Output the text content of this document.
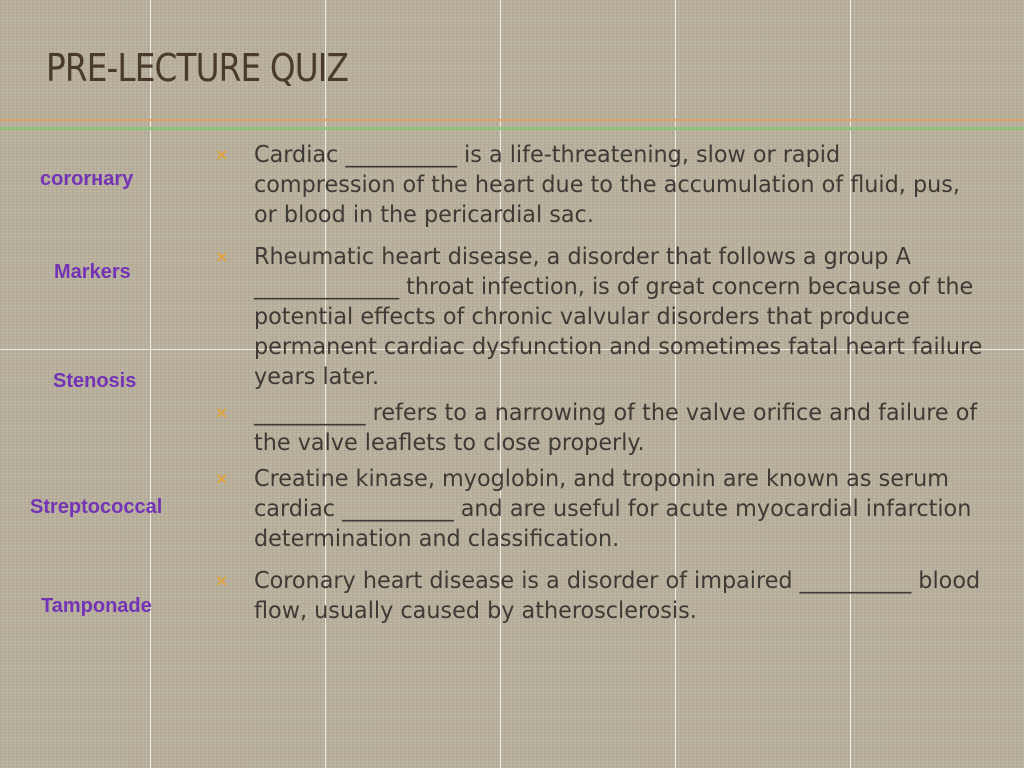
PRE-LECTURE QUIZ
cororнary
Markers
Stenosis
Streptococcal
Tamponade
⨯ Cardiac __________ is a life-threatening, slow or rapid compression of the heart due to the accumulation of fluid, pus, or blood in the pericardial sac.
⨯ Rheumatic heart disease, a disorder that follows a group A _____________ throat infection, is of great concern because of the potential effects of chronic valvular disorders that produce permanent cardiac dysfunction and sometimes fatal heart failure years later.
⨯ __________ refers to a narrowing of the valve orifice and failure of the valve leaflets to close properly.
⨯ Creatine kinase, myoglobin, and troponin are known as serum cardiac __________ and are useful for acute myocardial infarction determination and classification.
⨯ Coronary heart disease is a disorder of impaired __________ blood flow, usually caused by atherosclerosis.
